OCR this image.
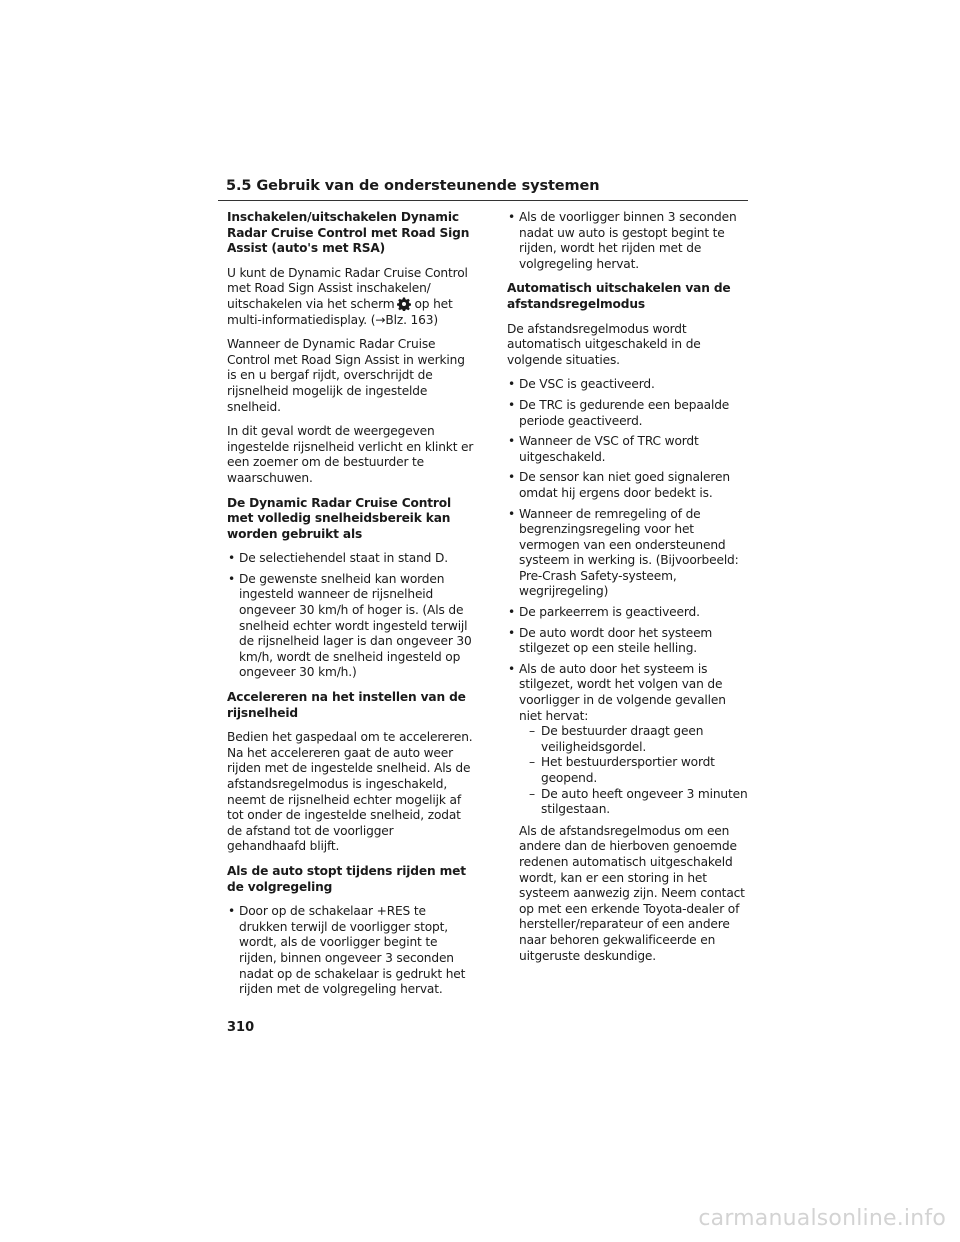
5.5 Gebruik van de ondersteunende systemen
Inschakelen/uitschakelen Dynamic Radar Cruise Control met Road Sign Assist (auto's met RSA)

U kunt de Dynamic Radar Cruise Control met Road Sign Assist inschakelen/ uitschakelen via het scherm op het multi-informatiedisplay. (→Blz. 163)

Wanneer de Dynamic Radar Cruise Control met Road Sign Assist in werking is en u bergaf rijdt, overschrijdt de rijsnelheid mogelijk de ingestelde snelheid.

In dit geval wordt de weergegeven ingestelde rijsnelheid verlicht en klinkt er een zoemer om de bestuurder te waarschuwen.

De Dynamic Radar Cruise Control met volledig snelheidsbereik kan worden gebruikt als
• De selectiehendel staat in stand D.
• De gewenste snelheid kan worden ingesteld wanneer de rijsnelheid ongeveer 30 km/h of hoger is. (Als de snelheid echter wordt ingesteld terwijl de rijsnelheid lager is dan ongeveer 30 km/h, wordt de snelheid ingesteld op ongeveer 30 km/h.)
Accelereren na het instellen van de rijsnelheid

Bedien het gaspedaal om te accelereren. Na het accelereren gaat de auto weer rijden met de ingestelde snelheid. Als de afstandsregelmodus is ingeschakeld, neemt de rijsnelheid echter mogelijk af tot onder de ingestelde snelheid, zodat de afstand tot de voorligger gehandhaafd blijft.

Als de auto stopt tijdens rijden met de volgregeling
• Door op de schakelaar +RES te drukken terwijl de voorligger stopt, wordt, als de voorligger begint te rijden, binnen ongeveer 3 seconden nadat op de schakelaar is gedrukt het rijden met de volgregeling hervat.
• Als de voorligger binnen 3 seconden nadat uw auto is gestopt begint te rijden, wordt het rijden met de volgregeling hervat.
Automatisch uitschakelen van de afstandsregelmodus

De afstandsregelmodus wordt automatisch uitgeschakeld in de volgende situaties.

• De VSC is geactiveerd.
• De TRC is gedurende een bepaalde periode geactiveerd.
• Wanneer de VSC of TRC wordt uitgeschakeld.
• De sensor kan niet goed signaleren omdat hij ergens door bedekt is.
• Wanneer de remregeling of de begrenzingsregeling voor het vermogen van een ondersteunend systeem in werking is. (Bijvoorbeeld: Pre-Crash Safety-systeem, wegrijregeling)
• De parkeerrem is geactiveerd.
• De auto wordt door het systeem stilgezet op een steile helling.
• Als de auto door het systeem is stilgezet, wordt het volgen van de voorligger in de volgende gevallen niet hervat:
– De bestuurder draagt geen veiligheidsgordel.
– Het bestuurdersportier wordt geopend.
– De auto heeft ongeveer 3 minuten stilgestaan.
Als de afstandsregelmodus om een andere dan de hierboven genoemde redenen automatisch uitgeschakeld wordt, kan er een storing in het systeem aanwezig zijn. Neem contact op met een erkende Toyota-dealer of hersteller/reparateur of een andere naar behoren gekwalificeerde en uitgeruste deskundige.
310
carmanualsonline.info
